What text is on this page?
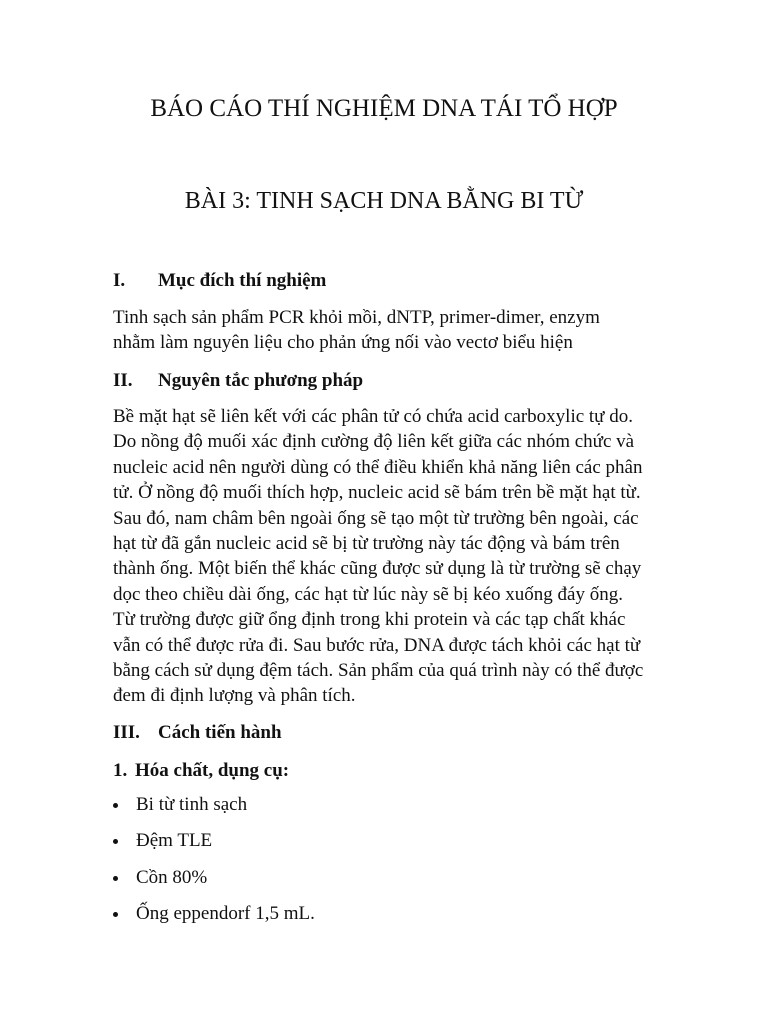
BÁO CÁO THÍ NGHIỆM DNA TÁI TỔ HỢP
BÀI 3: TINH SẠCH DNA BẰNG BI TỪ
I. Mục đích thí nghiệm
Tinh sạch sản phẩm PCR khỏi mồi, dNTP, primer-dimer, enzym
nhằm làm nguyên liệu cho phản ứng nối vào vectơ biểu hiện
II. Nguyên tắc phương pháp
Bề mặt hạt sẽ liên kết với các phân tử có chứa acid carboxylic tự do.
Do nồng độ muối xác định cường độ liên kết giữa các nhóm chức và
nucleic acid nên người dùng có thể điều khiển khả năng liên các phân
tử. Ở nồng độ muối thích hợp, nucleic acid sẽ bám trên bề mặt hạt từ.
Sau đó, nam châm bên ngoài ống sẽ tạo một từ trường bên ngoài, các
hạt từ đã gắn nucleic acid sẽ bị từ trường này tác động và bám trên
thành ống. Một biến thể khác cũng được sử dụng là từ trường sẽ chạy
dọc theo chiều dài ống, các hạt từ lúc này sẽ bị kéo xuống đáy ống.
Từ trường được giữ ổng định trong khi protein và các tạp chất khác
vẫn có thể được rửa đi. Sau bước rửa, DNA được tách khỏi các hạt từ
bằng cách sử dụng đệm tách. Sản phẩm của quá trình này có thể được
đem đi định lượng và phân tích.
III. Cách tiến hành
1. Hóa chất, dụng cụ:
Bi từ tinh sạch
Đệm TLE
Cồn 80%
Ống eppendorf 1,5 mL.
